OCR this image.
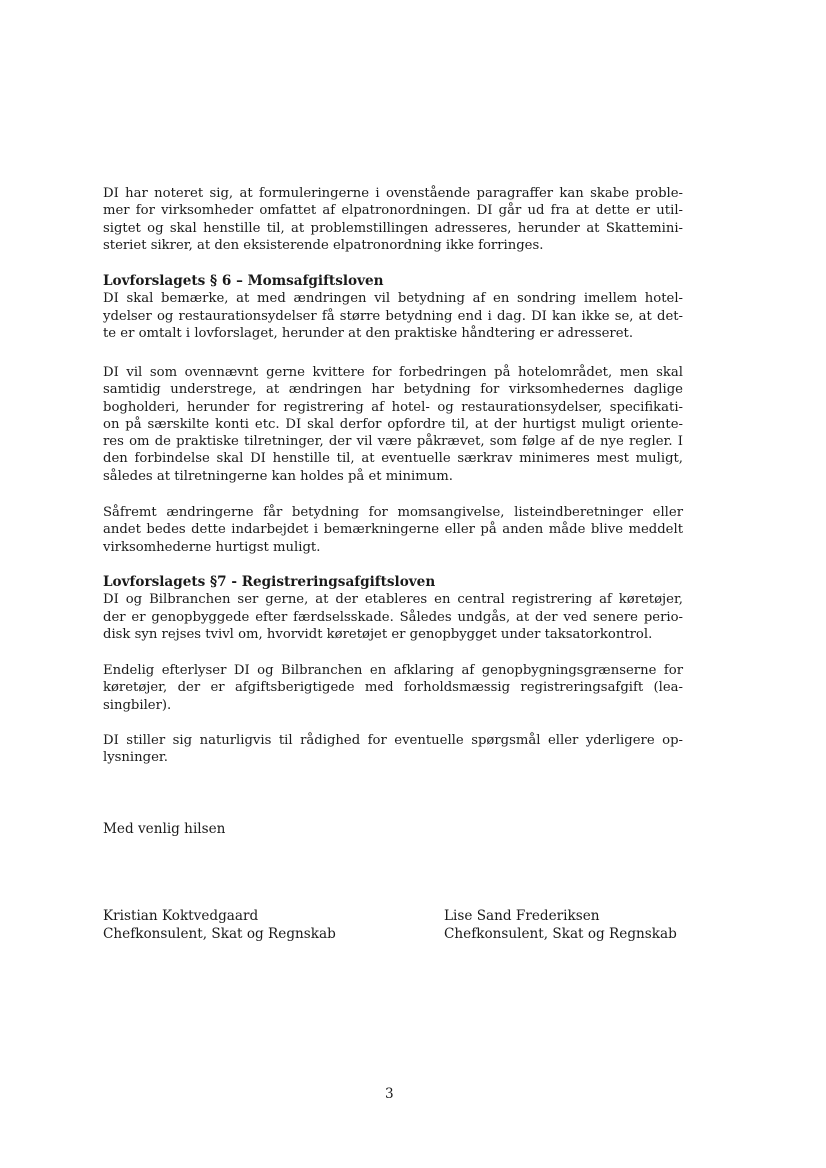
DI har noteret sig, at formuleringerne i ovenstående paragraffer kan skabe proble-
mer for virksomheder omfattet af elpatronordningen. DI går ud fra at dette er util-
sigtet og skal henstille til, at problemstillingen adresseres, herunder at Skattemini-
steriet sikrer, at den eksisterende elpatronordning ikke forringes.
Lovforslagets § 6 – Momsafgiftsloven
DI skal bemærke, at med ændringen vil betydning af en sondring imellem hotel-
ydelser og restaurationsydelser få større betydning end i dag. DI kan ikke se, at det-
te er omtalt i lovforslaget, herunder at den praktiske håndtering er adresseret.
DI vil som ovennævnt gerne kvittere for forbedringen på hotelområdet, men skal
samtidig understrege, at ændringen har betydning for virksomhedernes daglige
bogholderi, herunder for registrering af hotel- og restaurationsydelser, specifikati-
on på særskilte konti etc. DI skal derfor opfordre til, at der hurtigst muligt oriente-
res om de praktiske tilretninger, der vil være påkrævet, som følge af de nye regler. I
den forbindelse skal DI henstille til, at eventuelle særkrav minimeres mest muligt,
således at tilretningerne kan holdes på et minimum.
Såfremt ændringerne får betydning for momsangivelse, listeindberetninger eller
andet bedes dette indarbejdet i bemærkningerne eller på anden måde blive meddelt
virksomhederne hurtigst muligt.
Lovforslagets §7 - Registreringsafgiftsloven
DI og Bilbranchen ser gerne, at der etableres en central registrering af køretøjer,
der er genopbyggede efter færdselsskade. Således undgås, at der ved senere perio-
disk syn rejses tvivl om, hvorvidt køretøjet er genopbygget under taksatorkontrol.
Endelig efterlyser DI og Bilbranchen en afklaring af genopbygningsgrænserne for
køretøjer, der er afgiftsberigtigede med forholdsmæssig registreringsafgift (lea-
singbiler).
DI stiller sig naturligvis til rådighed for eventuelle spørgsmål eller yderligere op-
lysninger.
Med venlig hilsen
Kristian Koktvedgaard
Chefkonsulent, Skat og Regnskab
Lise Sand Frederiksen
Chefkonsulent, Skat og Regnskab
3
